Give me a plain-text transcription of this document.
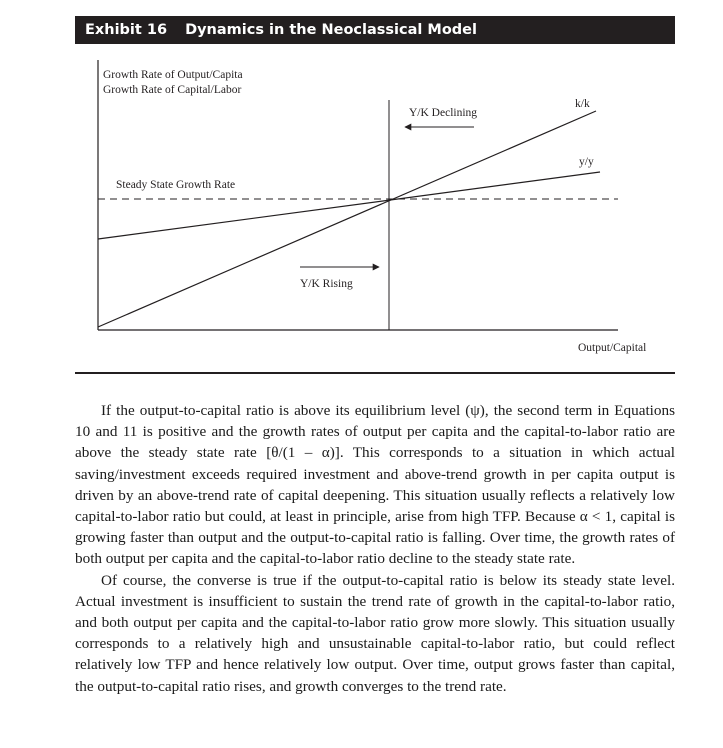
Exhibit 16 Dynamics in the Neoclassical Model
Growth Rate of Output/Capita
Growth Rate of Capital/Labor
Steady State Growth Rate
Y/K Declining
Y/K Rising
k/k
y/y
Output/Capital

If the output-to-capital ratio is above its equilibrium level (ψ), the second term in Equations 10 and 11 is positive and the growth rates of output per capita and the capital-to-labor ratio are above the steady state rate [θ/(1 – α)]. This corresponds to a situation in which actual saving/investment exceeds required investment and above-trend growth in per capita output is driven by an above-trend rate of capital deepening. This situation usually reflects a relatively low capital-to-labor ratio but could, at least in principle, arise from high TFP. Because α < 1, capital is growing faster than output and the output-to-capital ratio is falling. Over time, the growth rates of both output per capita and the capital-to-labor ratio decline to the steady state rate.

Of course, the converse is true if the output-to-capital ratio is below its steady state level. Actual investment is insufficient to sustain the trend rate of growth in the capital-to-labor ratio, and both output per capita and the capital-to-labor ratio grow more slowly. This situation usually corresponds to a relatively high and unsustainable capital-to-labor ratio, but could reflect relatively low TFP and hence relatively low output. Over time, output grows faster than capital, the output-to-capital ratio rises, and growth converges to the trend rate.
